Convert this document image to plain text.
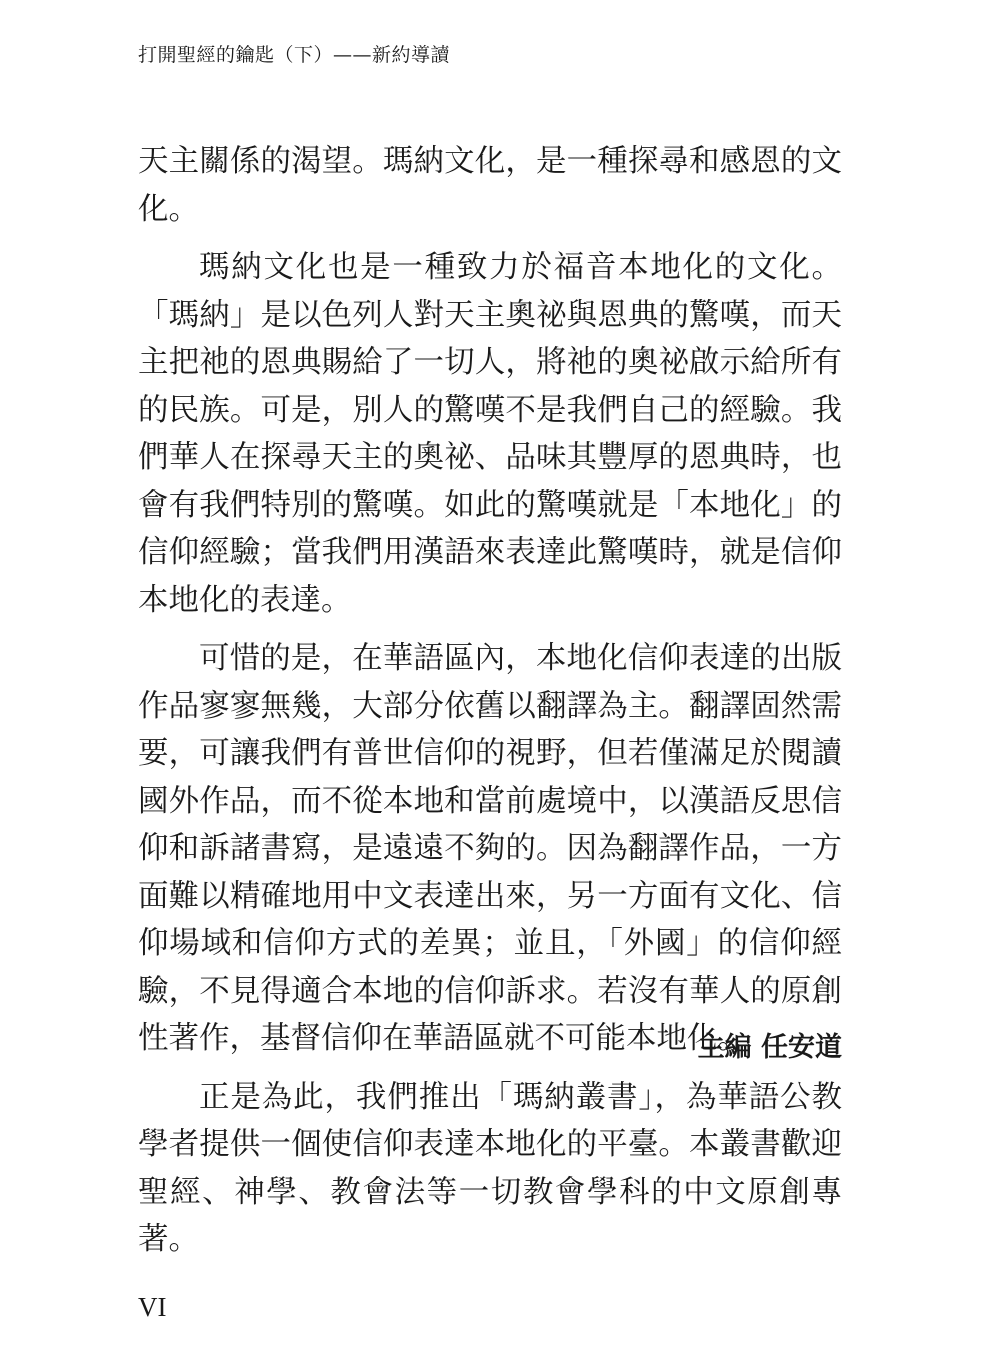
打開聖經的鑰匙（下）——新約導讀

天主關係的渴望。瑪納文化，是一種探尋和感恩的文化。

瑪納文化也是一種致力於福音本地化的文化。「瑪納」是以色列人對天主奧祕與恩典的驚嘆，而天主把祂的恩典賜給了一切人，將祂的奧祕啟示給所有的民族。可是，別人的驚嘆不是我們自己的經驗。我們華人在探尋天主的奧祕、品味其豐厚的恩典時，也會有我們特別的驚嘆。如此的驚嘆就是「本地化」的信仰經驗；當我們用漢語來表達此驚嘆時，就是信仰本地化的表達。

可惜的是，在華語區內，本地化信仰表達的出版作品寥寥無幾，大部分依舊以翻譯為主。翻譯固然需要，可讓我們有普世信仰的視野，但若僅滿足於閱讀國外作品，而不從本地和當前處境中，以漢語反思信仰和訴諸書寫，是遠遠不夠的。因為翻譯作品，一方面難以精確地用中文表達出來，另一方面有文化、信仰場域和信仰方式的差異；並且，「外國」的信仰經驗，不見得適合本地的信仰訴求。若沒有華人的原創性著作，基督信仰在華語區就不可能本地化。

正是為此，我們推出「瑪納叢書」，為華語公教學者提供一個使信仰表達本地化的平臺。本叢書歡迎聖經、神學、教會法等一切教會學科的中文原創專著。

主編 任安道
VI
